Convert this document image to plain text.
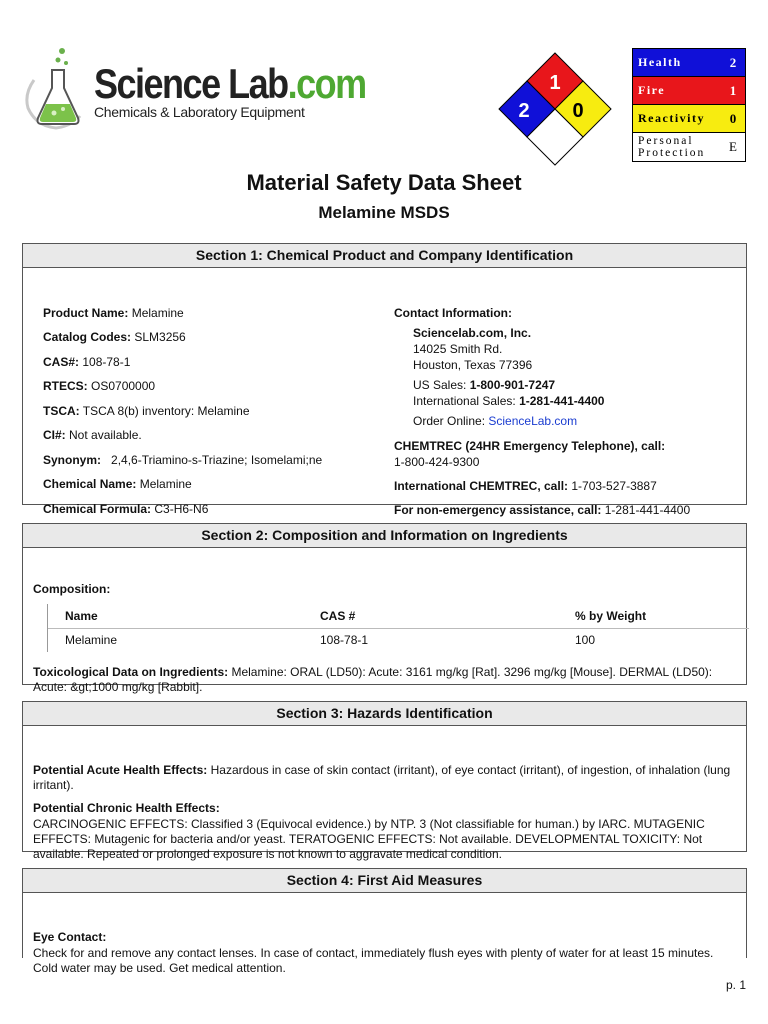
Science Lab.com
Chemicals & Laboratory Equipment
1
2 0
Health	2
Fire	1
Reactivity	0
Personal
Protection	E
Material Safety Data Sheet
Melamine MSDS
Section 1: Chemical Product and Company Identification
Product Name: Melamine
Catalog Codes: SLM3256
CAS#: 108-78-1
RTECS: OS0700000
TSCA: TSCA 8(b) inventory: Melamine
CI#: Not available.
Synonym:   2,4,6-Triamino-s-Triazine; Isomelami;ne
Chemical Name: Melamine
Chemical Formula: C3-H6-N6
Contact Information:
Sciencelab.com, Inc.
14025 Smith Rd.
Houston, Texas 77396
US Sales: 1-800-901-7247
International Sales: 1-281-441-4400
Order Online: ScienceLab.com
CHEMTREC (24HR Emergency Telephone), call:
1-800-424-9300
International CHEMTREC, call: 1-703-527-3887
For non-emergency assistance, call: 1-281-441-4400
Section 2: Composition and Information on Ingredients
Composition:
Name	CAS #	% by Weight
Melamine	108-78-1	100
Toxicological Data on Ingredients: Melamine: ORAL (LD50): Acute: 3161 mg/kg [Rat]. 3296 mg/kg [Mouse]. DERMAL (LD50): Acute: &gt;1000 mg/kg [Rabbit].
Section 3: Hazards Identification
Potential Acute Health Effects: Hazardous in case of skin contact (irritant), of eye contact (irritant), of ingestion, of inhalation (lung irritant).
Potential Chronic Health Effects:
CARCINOGENIC EFFECTS: Classified 3 (Equivocal evidence.) by NTP. 3 (Not classifiable for human.) by IARC. MUTAGENIC EFFECTS: Mutagenic for bacteria and/or yeast. TERATOGENIC EFFECTS: Not available. DEVELOPMENTAL TOXICITY: Not available. Repeated or prolonged exposure is not known to aggravate medical condition.
Section 4: First Aid Measures
Eye Contact:
Check for and remove any contact lenses. In case of contact, immediately flush eyes with plenty of water for at least 15 minutes. Cold water may be used. Get medical attention.
p. 1
